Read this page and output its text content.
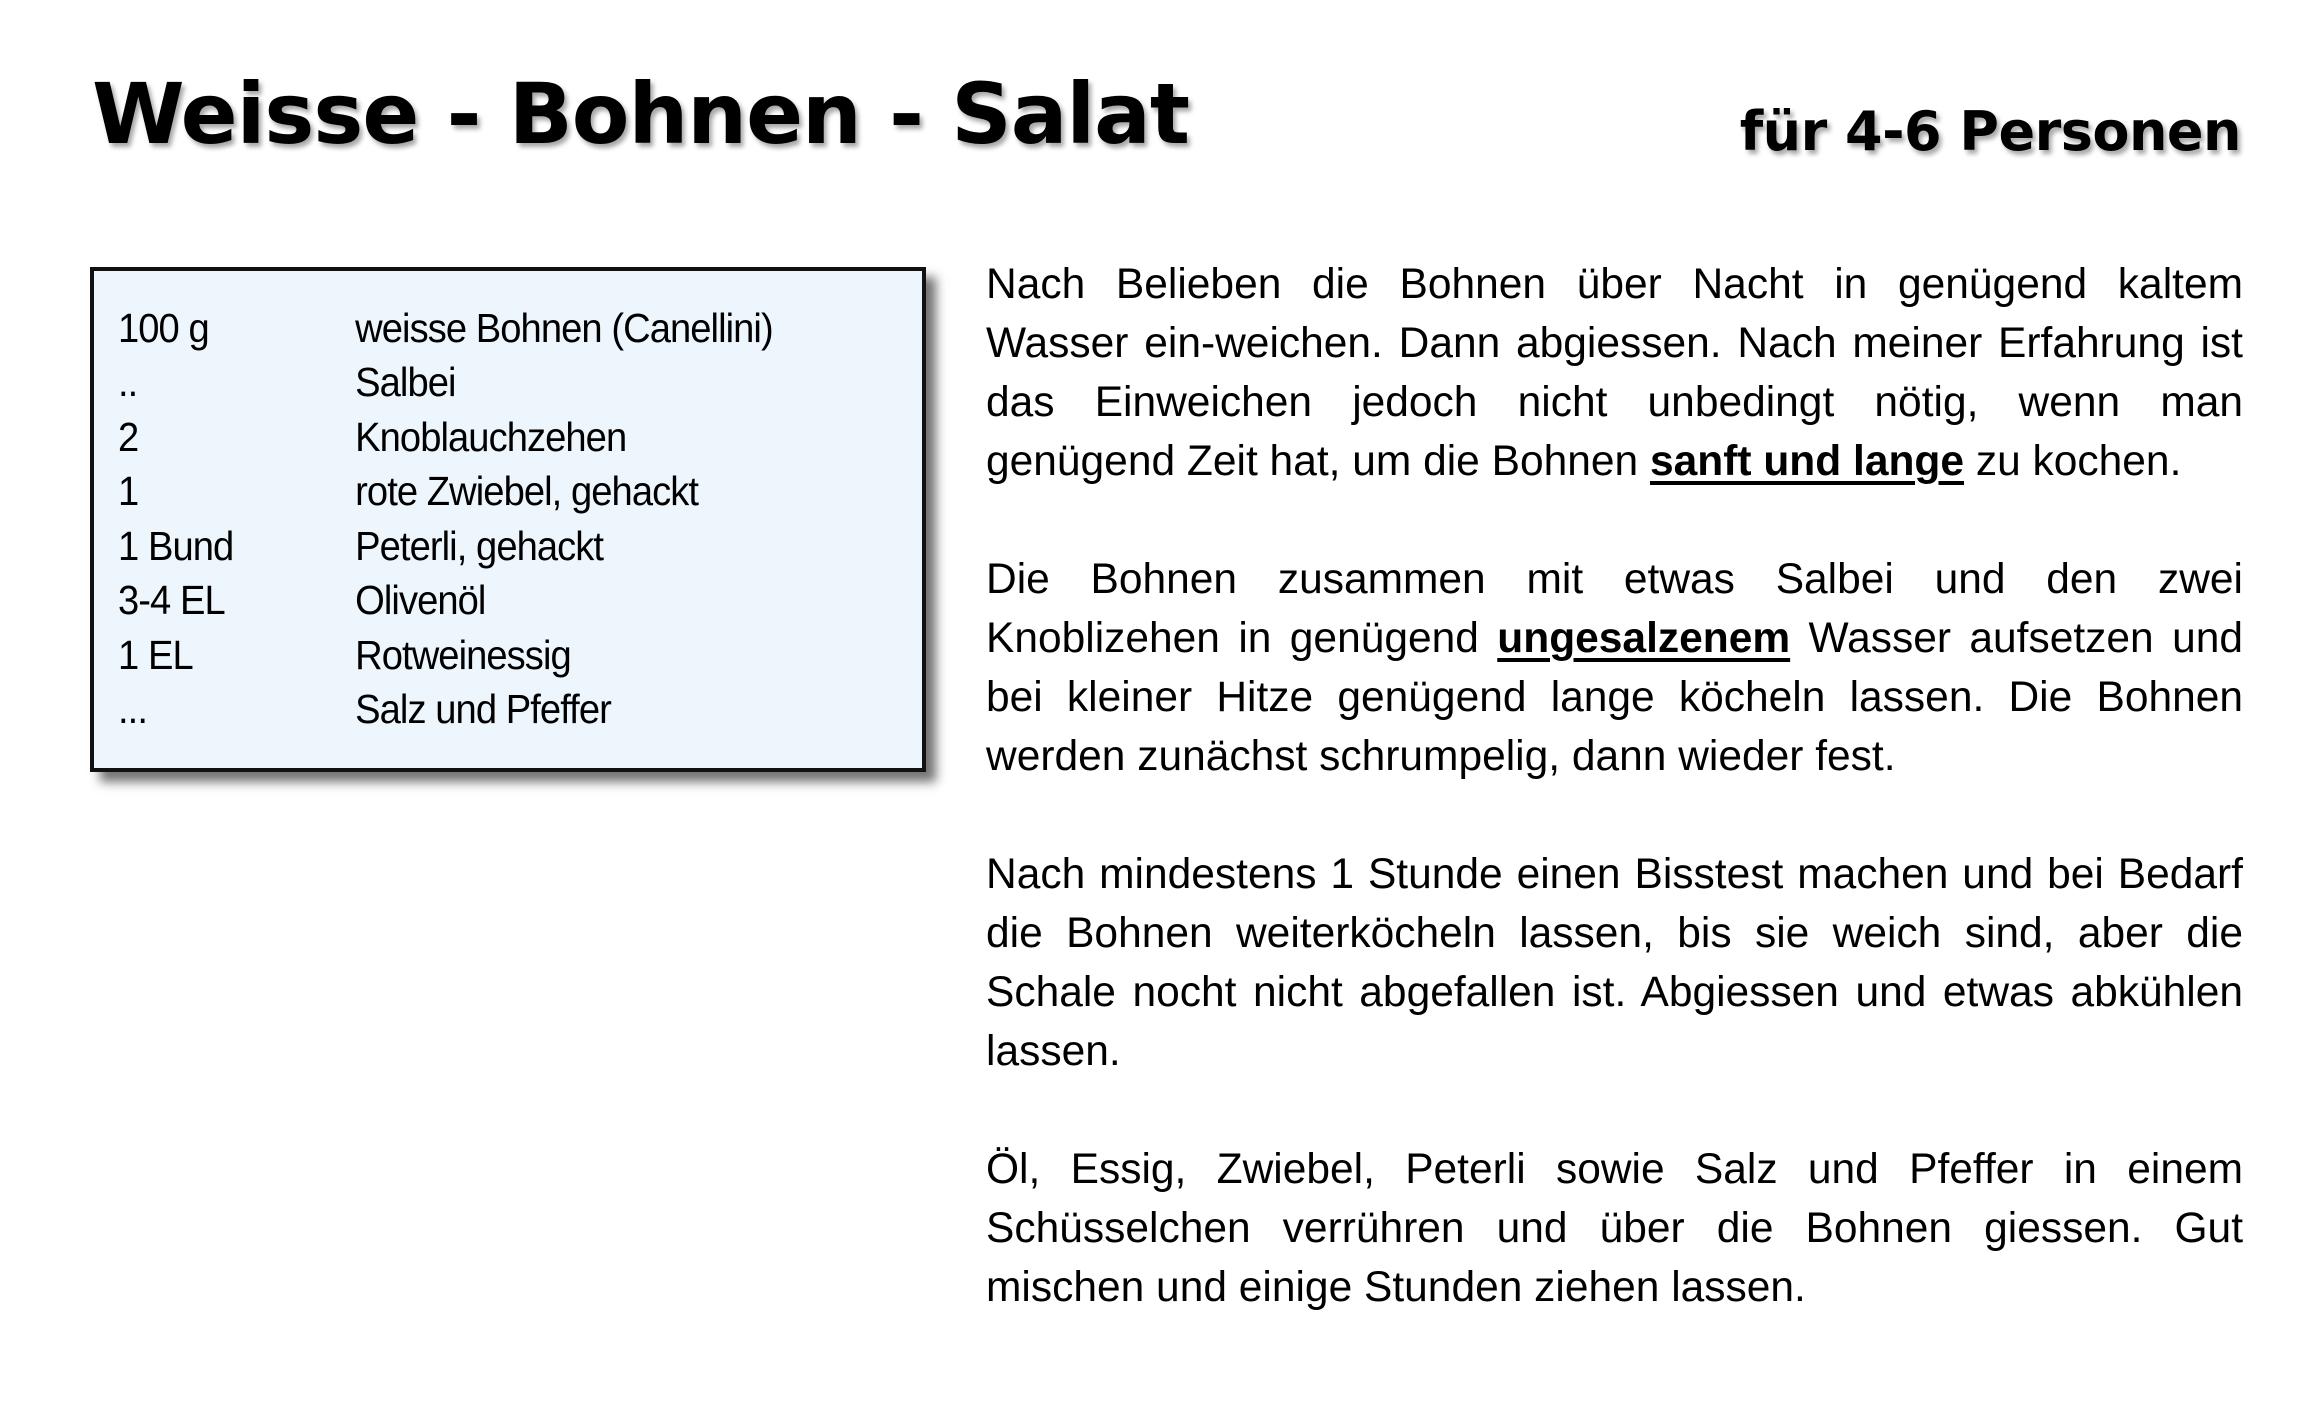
Weisse - Bohnen - Salat	für 4-6 Personen
100 g	weisse Bohnen (Canellini)
..	Salbei
2	Knoblauchzehen
1	rote Zwiebel, gehackt
1 Bund	Peterli, gehackt
3-4 EL	Olivenöl
1 EL	Rotweinessig
...	Salz und Pfeffer

Nach Belieben die Bohnen über Nacht in genügend kaltem Wasser ein-weichen. Dann abgiessen. Nach meiner Erfahrung ist das Einweichen jedoch nicht unbedingt nötig, wenn man genügend Zeit hat, um die Bohnen sanft und lange zu kochen.

Die Bohnen zusammen mit etwas Salbei und den zwei Knoblizehen in genügend ungesalzenem Wasser aufsetzen und bei kleiner Hitze genügend lange köcheln lassen. Die Bohnen werden zunächst schrumpelig, dann wieder fest.

Nach mindestens 1 Stunde einen Bisstest machen und bei Bedarf die Bohnen weiterköcheln lassen, bis sie weich sind, aber die Schale nocht nicht abgefallen ist. Abgiessen und etwas abkühlen lassen.

Öl, Essig, Zwiebel, Peterli sowie Salz und Pfeffer in einem Schüsselchen verrühren und über die Bohnen giessen. Gut mischen und einige Stunden ziehen lassen.
